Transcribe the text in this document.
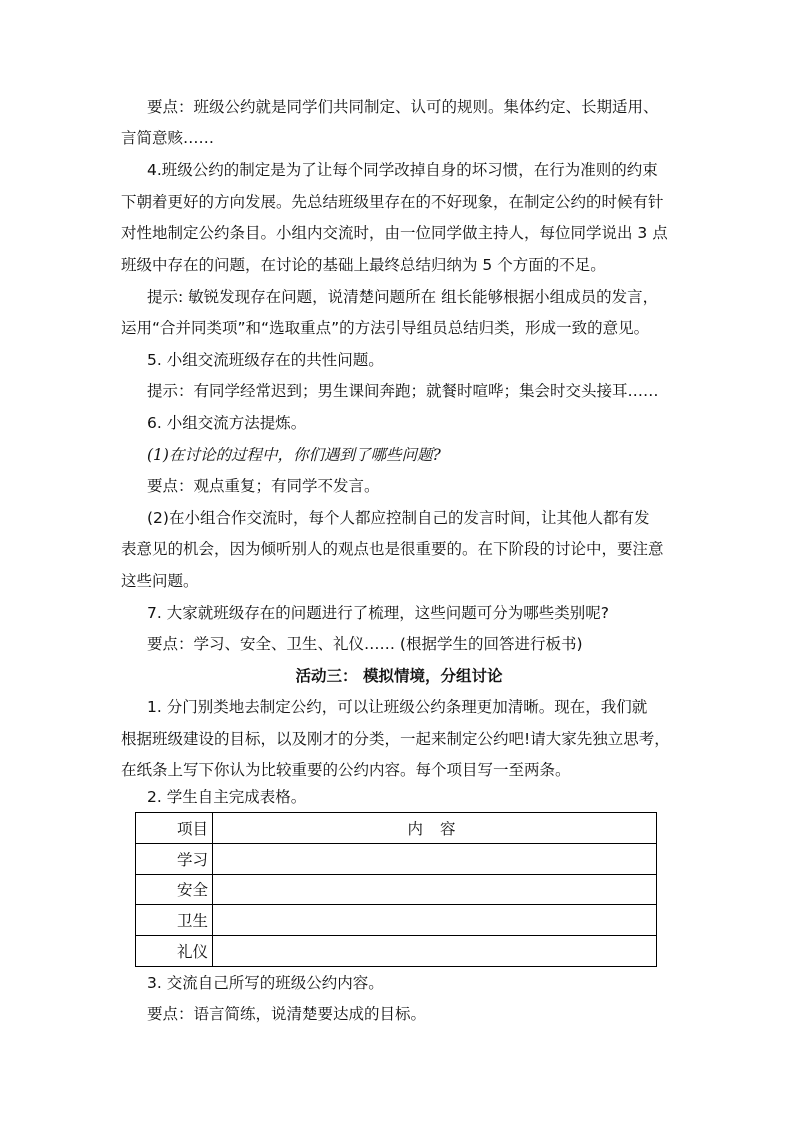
要点：班级公约就是同学们共同制定、认可的规则。集体约定、长期适用、

言简意赅……

4.班级公约的制定是为了让每个同学改掉自身的坏习惯，在行为准则的约束

下朝着更好的方向发展。先总结班级里存在的不好现象，在制定公约的时候有针

对性地制定公约条目。小组内交流时，由一位同学做主持人，每位同学说出 3 点

班级中存在的问题，在讨论的基础上最终总结归纳为 5 个方面的不足。

提示: 敏锐发现存在问题，说清楚问题所在 组长能够根据小组成员的发言，

运用“合并同类项”和“选取重点”的方法引导组员总结归类，形成一致的意见。

5. 小组交流班级存在的共性问题。

提示：有同学经常迟到；男生课间奔跑；就餐时喧哗；集会时交头接耳……

6. 小组交流方法提炼。

(1)在讨论的过程中，你们遇到了哪些问题?

要点：观点重复；有同学不发言。

(2)在小组合作交流时，每个人都应控制自己的发言时间，让其他人都有发

表意见的机会，因为倾听别人的观点也是很重要的。在下阶段的讨论中，要注意

这些问题。

7. 大家就班级存在的问题进行了梳理，这些问题可分为哪些类别呢?

要点：学习、安全、卫生、礼仪…… (根据学生的回答进行板书)

活动三： 模拟情境，分组讨论

1. 分门别类地去制定公约，可以让班级公约条理更加清晰。现在，我们就

根据班级建设的目标，以及刚才的分类，一起来制定公约吧!请大家先独立思考，

在纸条上写下你认为比较重要的公约内容。每个项目写一至两条。

2. 学生自主完成表格。

项目	内 容
学习	
安全	
卫生	
礼仪	

3. 交流自己所写的班级公约内容。

要点：语言简练，说清楚要达成的目标。
